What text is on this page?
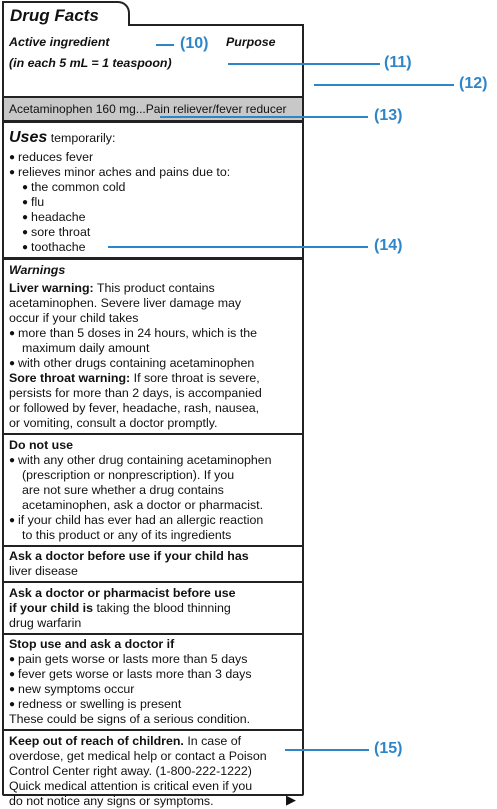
Drug Facts
Active ingredient	Purpose
(in each 5 mL = 1 teaspoon)
Acetaminophen 160 mg...Pain reliever/fever reducer
Uses temporarily:
● reduces fever
● relieves minor aches and pains due to:
● the common cold
● flu
● headache
● sore throat
● toothache
Warnings
Liver warning: This product contains
acetaminophen. Severe liver damage may
occur if your child takes
● more than 5 doses in 24 hours, which is the
maximum daily amount
● with other drugs containing acetaminophen
Sore throat warning: If sore throat is severe,
persists for more than 2 days, is accompanied
or followed by fever, headache, rash, nausea,
or vomiting, consult a doctor promptly.
Do not use
● with any other drug containing acetaminophen
(prescription or nonprescription). If you
are not sure whether a drug contains
acetaminophen, ask a doctor or pharmacist.
● if your child has ever had an allergic reaction
to this product or any of its ingredients
Ask a doctor before use if your child has
liver disease
Ask a doctor or pharmacist before use
if your child is taking the blood thinning
drug warfarin
Stop use and ask a doctor if
● pain gets worse or lasts more than 5 days
● fever gets worse or lasts more than 3 days
● new symptoms occur
● redness or swelling is present
These could be signs of a serious condition.
Keep out of reach of children. In case of
overdose, get medical help or contact a Poison
Control Center right away. (1-800-222-1222)
Quick medical attention is critical even if you
do not notice any signs or symptoms.	▶
(10)
(11)
(12)
(13)
(14)
(15)
